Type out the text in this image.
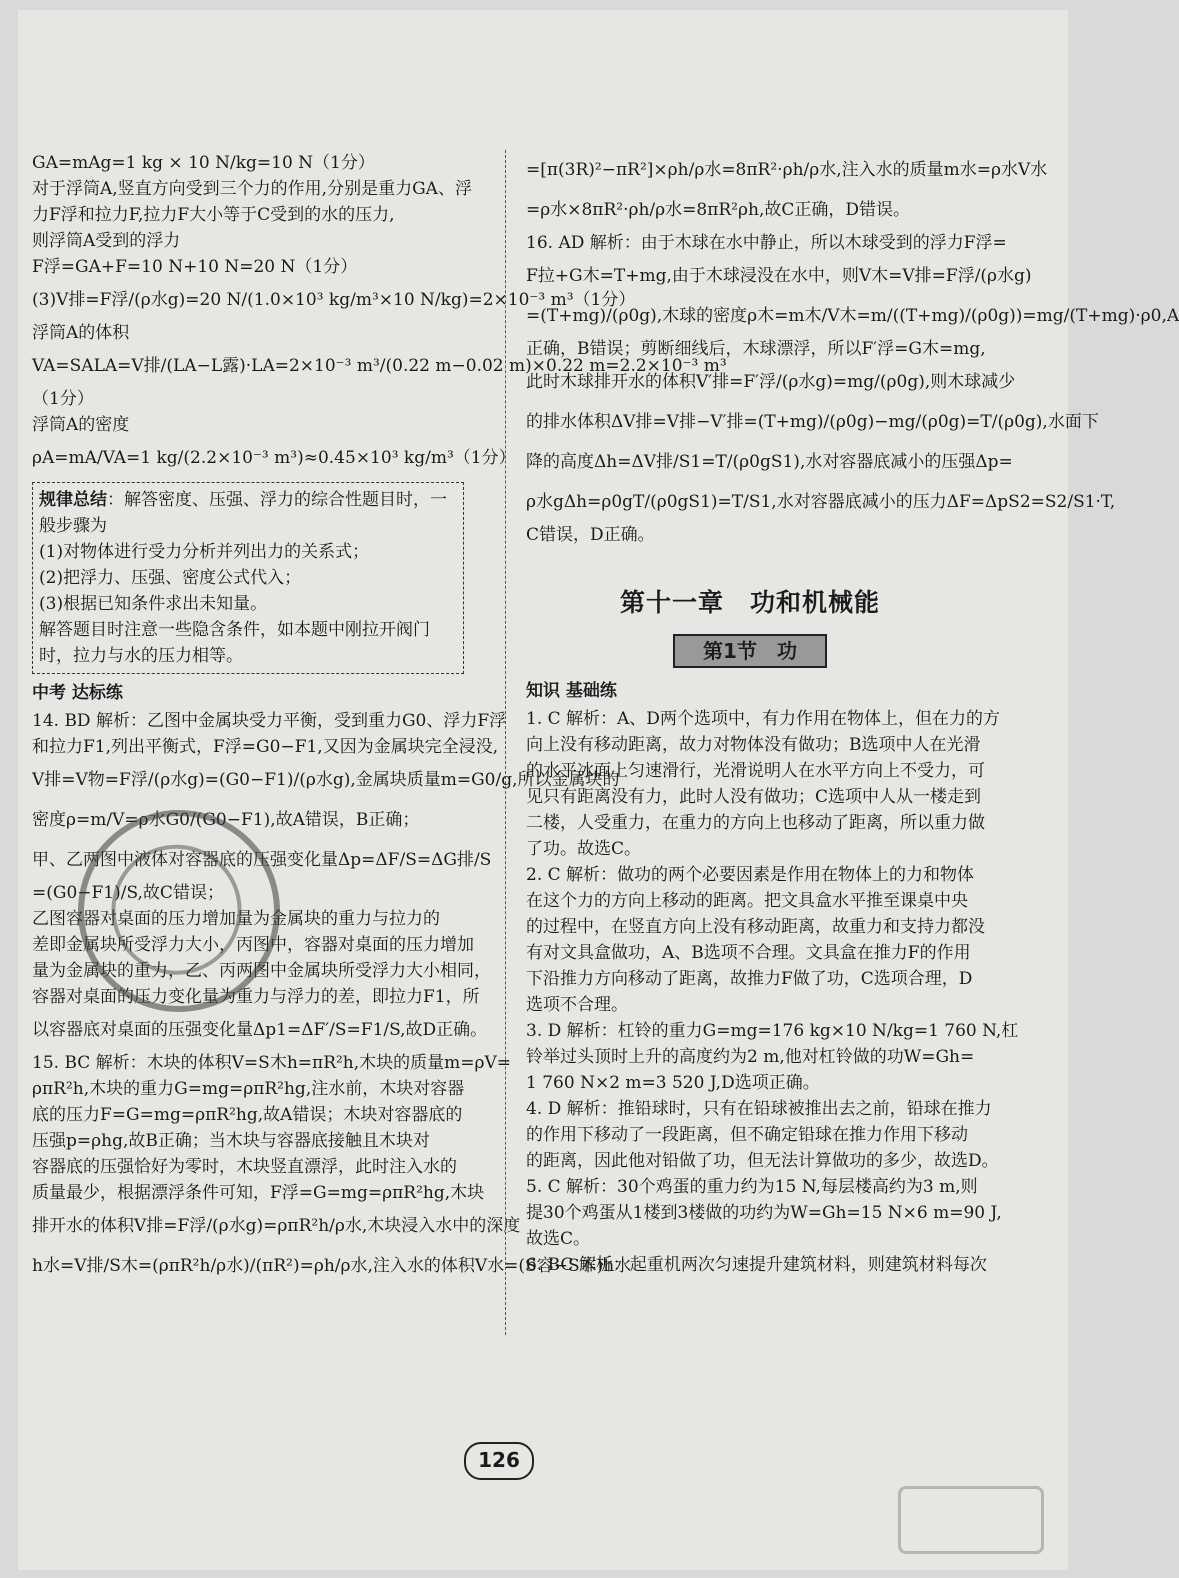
GA=mAg=1 kg × 10 N/kg=10 N（1分）

对于浮筒A,竖直方向受到三个力的作用,分别是重力GA、浮

力F浮和拉力F,拉力F大小等于C受到的水的压力,

则浮筒A受到的浮力

F浮=GA+F=10 N+10 N=20 N（1分）

(3)V排=F浮/(ρ水g)=20 N/(1.0×10³ kg/m³×10 N/kg)=2×10⁻³ m³（1分）

浮筒A的体积

VA=SALA=V排/(LA−L露)·LA=2×10⁻³ m³/(0.22 m−0.02 m)×0.22 m=2.2×10⁻³ m³

（1分）

浮筒A的密度

ρA=mA/VA=1 kg/(2.2×10⁻³ m³)≈0.45×10³ kg/m³（1分）

规律总结：解答密度、压强、浮力的综合性题目时，一般步骤为

(1)对物体进行受力分析并列出力的关系式；

(2)把浮力、压强、密度公式代入；

(3)根据已知条件求出未知量。

解答题目时注意一些隐含条件，如本题中刚拉开阀门时，拉力与水的压力相等。

中考 达标练

14. BD 解析：乙图中金属块受力平衡，受到重力G0、浮力F浮

和拉力F1,列出平衡式，F浮=G0−F1,又因为金属块完全浸没,

V排=V物=F浮/(ρ水g)=(G0−F1)/(ρ水g),金属块质量m=G0/g,所以金属块的

密度ρ=m/V=ρ水G0/(G0−F1),故A错误，B正确；

甲、乙两图中液体对容器底的压强变化量Δp=ΔF/S=ΔG排/S

=(G0−F1)/S,故C错误；

乙图容器对桌面的压力增加量为金属块的重力与拉力的

差即金属块所受浮力大小，丙图中，容器对桌面的压力增加

量为金属块的重力，乙、丙两图中金属块所受浮力大小相同，

容器对桌面的压力变化量为重力与浮力的差，即拉力F1，所

以容器底对桌面的压强变化量Δp1=ΔF′/S=F1/S,故D正确。

15. BC 解析：木块的体积V=S木h=πR²h,木块的质量m=ρV=

ρπR²h,木块的重力G=mg=ρπR²hg,注水前，木块对容器

底的压力F=G=mg=ρπR²hg,故A错误；木块对容器底的

压强p=ρhg,故B正确；当木块与容器底接触且木块对

容器底的压强恰好为零时，木块竖直漂浮，此时注入水的

质量最少，根据漂浮条件可知，F浮=G=mg=ρπR²hg,木块

排开水的体积V排=F浮/(ρ水g)=ρπR²h/ρ水,木块浸入水中的深度

h水=V排/S木=(ρπR²h/ρ水)/(πR²)=ρh/ρ水,注入水的体积V水=(S容−S木)h水

=[π(3R)²−πR²]×ρh/ρ水=8πR²·ρh/ρ水,注入水的质量m水=ρ水V水

=ρ水×8πR²·ρh/ρ水=8πR²ρh,故C正确，D错误。

16. AD 解析：由于木球在水中静止，所以木球受到的浮力F浮=

F拉+G木=T+mg,由于木球浸没在水中，则V木=V排=F浮/(ρ水g)

=(T+mg)/(ρ0g),木球的密度ρ木=m木/V木=m/((T+mg)/(ρ0g))=mg/(T+mg)·ρ0,A

正确，B错误；剪断细线后，木球漂浮，所以F′浮=G木=mg,

此时木球排开水的体积V′排=F′浮/(ρ水g)=mg/(ρ0g),则木球减少

的排水体积ΔV排=V排−V′排=(T+mg)/(ρ0g)−mg/(ρ0g)=T/(ρ0g),水面下

降的高度Δh=ΔV排/S1=T/(ρ0gS1),水对容器底减小的压强Δp=

ρ水gΔh=ρ0gT/(ρ0gS1)=T/S1,水对容器底减小的压力ΔF=ΔpS2=S2/S1·T,

C错误，D正确。

第十一章　功和机械能
第1节　功

知识 基础练

1. C 解析：A、D两个选项中，有力作用在物体上，但在力的方

向上没有移动距离，故力对物体没有做功；B选项中人在光滑

的水平冰面上匀速滑行，光滑说明人在水平方向上不受力，可

见只有距离没有力，此时人没有做功；C选项中人从一楼走到

二楼，人受重力，在重力的方向上也移动了距离，所以重力做

了功。故选C。

2. C 解析：做功的两个必要因素是作用在物体上的力和物体

在这个力的方向上移动的距离。把文具盒水平推至课桌中央

的过程中，在竖直方向上没有移动距离，故重力和支持力都没

有对文具盒做功，A、B选项不合理。文具盒在推力F的作用

下沿推力方向移动了距离，故推力F做了功，C选项合理，D

选项不合理。

3. D 解析：杠铃的重力G=mg=176 kg×10 N/kg=1 760 N,杠

铃举过头顶时上升的高度约为2 m,他对杠铃做的功W=Gh=

1 760 N×2 m=3 520 J,D选项正确。

4. D 解析：推铅球时，只有在铅球被推出去之前，铅球在推力

的作用下移动了一段距离，但不确定铅球在推力作用下移动

的距离，因此他对铅做了功，但无法计算做功的多少，故选D。

5. C 解析：30个鸡蛋的重力约为15 N,每层楼高约为3 m,则

提30个鸡蛋从1楼到3楼做的功约为W=Gh=15 N×6 m=90 J,

故选C。

6. BC 解析：起重机两次匀速提升建筑材料，则建筑材料每次

126
